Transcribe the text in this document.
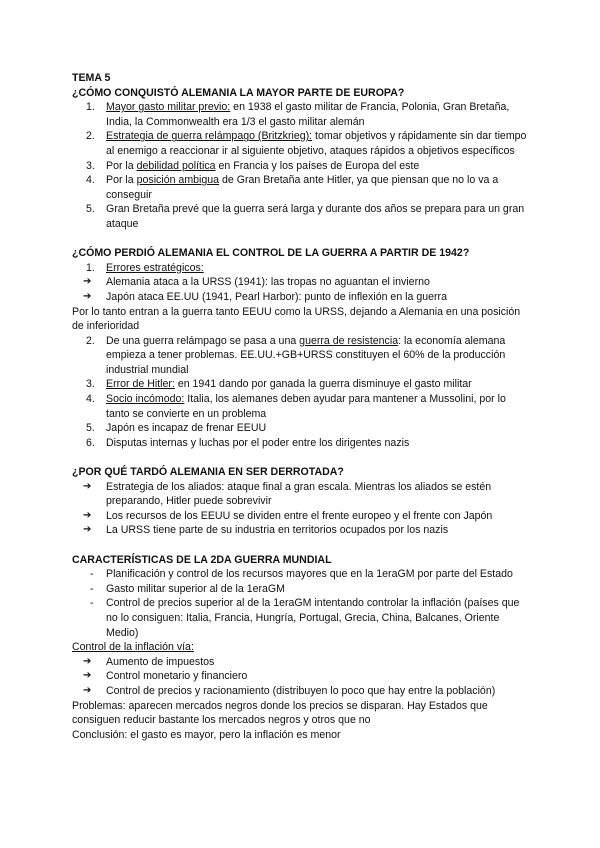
TEMA 5
¿CÓMO CONQUISTÓ ALEMANIA LA MAYOR PARTE DE EUROPA?
1.	Mayor gasto militar previo: en 1938 el gasto militar de Francia, Polonia, Gran Bretaña, India, la Commonwealth era 1/3 el gasto militar alemán
2.	Estrategia de guerra relámpago (Britzkrieg): tomar objetivos y rápidamente sin dar tiempo al enemigo a reaccionar ir al siguiente objetivo, ataques rápidos a objetivos específicos
3.	Por la debilidad política en Francia y los países de Europa del este
4.	Por la posición ambigua de Gran Bretaña ante Hitler, ya que piensan que no lo va a conseguir
5.	Gran Bretaña prevé que la guerra será larga y durante dos años se prepara para un gran ataque
¿CÓMO PERDIÓ ALEMANIA EL CONTROL DE LA GUERRA A PARTIR DE 1942?
1.	Errores estratégicos:
➔ Alemania ataca a la URSS (1941): las tropas no aguantan el invierno
➔ Japón ataca EE.UU (1941, Pearl Harbor): punto de inflexión en la guerra
Por lo tanto entran a la guerra tanto EEUU como la URSS, dejando a Alemania en una posición de inferioridad
2.	De una guerra relámpago se pasa a una guerra de resistencia: la economía alemana empieza a tener problemas. EE.UU.+GB+URSS constituyen el 60% de la producción industrial mundial
3.	Error de Hitler: en 1941 dando por ganada la guerra disminuye el gasto militar
4.	Socio incómodo: Italia, los alemanes deben ayudar para mantener a Mussolini, por lo tanto se convierte en un problema
5.	Japón es incapaz de frenar EEUU
6.	Disputas internas y luchas por el poder entre los dirigentes nazis
¿POR QUÉ TARDÓ ALEMANIA EN SER DERROTADA?
➔ Estrategia de los aliados: ataque final a gran escala. Mientras los aliados se estén preparando, Hitler puede sobrevivir
➔ Los recursos de los EEUU se dividen entre el frente europeo y el frente con Japón
➔ La URSS tiene parte de su industria en territorios ocupados por los nazis
CARACTERÍSTICAS DE LA 2DA GUERRA MUNDIAL
- Planificación y control de los recursos mayores que en la 1eraGM por parte del Estado
- Gasto militar superior al de la 1eraGM
- Control de precios superior al de la 1eraGM intentando controlar la inflación (países que no lo consiguen: Italia, Francia, Hungría, Portugal, Grecia, China, Balcanes, Oriente Medio)
Control de la inflación vía:
➔ Aumento de impuestos
➔ Control monetario y financiero
➔ Control de precios y racionamiento (distribuyen lo poco que hay entre la población)
Problemas: aparecen mercados negros donde los precios se disparan. Hay Estados que consiguen reducir bastante los mercados negros y otros que no
Conclusión: el gasto es mayor, pero la inflación es menor
